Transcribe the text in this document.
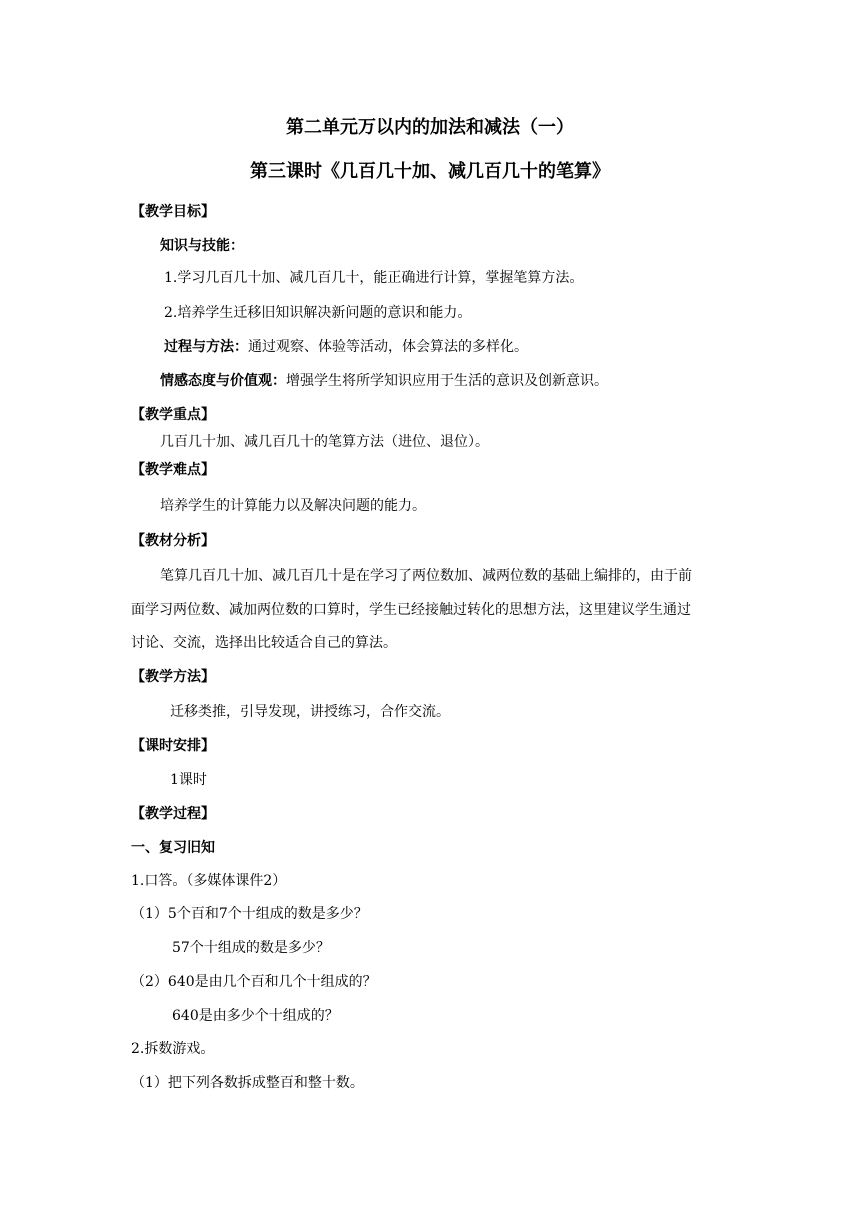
第二单元万以内的加法和减法（一）
第三课时《几百几十加、减几百几十的笔算》
【教学目标】
知识与技能：
1.学习几百几十加、减几百几十，能正确进行计算，掌握笔算方法。
2.培养学生迁移旧知识解决新问题的意识和能力。
过程与方法：通过观察、体验等活动，体会算法的多样化。
情感态度与价值观：增强学生将所学知识应用于生活的意识及创新意识。
【教学重点】
几百几十加、减几百几十的笔算方法（进位、退位）。
【教学难点】
培养学生的计算能力以及解决问题的能力。
【教材分析】
笔算几百几十加、减几百几十是在学习了两位数加、减两位数的基础上编排的，由于前
面学习两位数、减加两位数的口算时，学生已经接触过转化的思想方法，这里建议学生通过
讨论、交流，选择出比较适合自己的算法。
【教学方法】
迁移类推，引导发现，讲授练习，合作交流。
【课时安排】
1课时
【教学过程】
一、复习旧知
1.口答。（多媒体课件2）
（1）5个百和7个十组成的数是多少？
57个十组成的数是多少？
（2）640是由几个百和几个十组成的？
640是由多少个十组成的？
2.拆数游戏。
（1）把下列各数拆成整百和整十数。
